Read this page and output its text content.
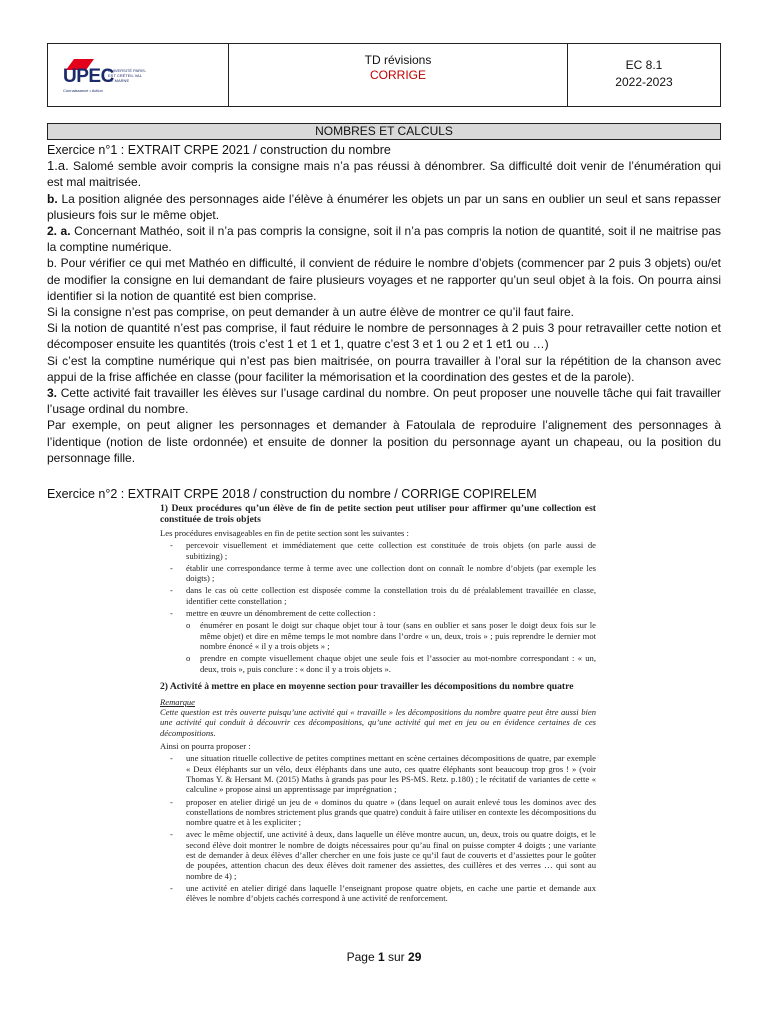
UPEC
UNIVERSITÉ PARIS-EST CRÉTEIL VAL DE MARNE
Connaissance • Action
TD révisions
CORRIGE
EC 8.1
2022-2023
NOMBRES ET CALCULS

Exercice n°1 : EXTRAIT CRPE 2021 / construction du nombre

1.a. Salomé semble avoir compris la consigne mais n’a pas réussi à dénombrer. Sa difficulté doit venir de l’énumération qui est mal maitrisée.

b. La position alignée des personnages aide l’élève à énumérer les objets un par un sans en oublier un seul et sans repasser plusieurs fois sur le même objet.

2. a. Concernant Mathéo, soit il n’a pas compris la consigne, soit il n’a pas compris la notion de quantité, soit il ne maitrise pas la comptine numérique.

b. Pour vérifier ce qui met Mathéo en difficulté, il convient de réduire le nombre d’objets (commencer par 2 puis 3 objets) ou/et de modifier la consigne en lui demandant de faire plusieurs voyages et ne rapporter qu’un seul objet à la fois. On pourra ainsi identifier si la notion de quantité est bien comprise.

Si la consigne n’est pas comprise, on peut demander à un autre élève de montrer ce qu’il faut faire.

Si la notion de quantité n’est pas comprise, il faut réduire le nombre de personnages à 2 puis 3 pour retravailler cette notion et décomposer ensuite les quantités (trois c’est 1 et 1 et 1, quatre c’est 3 et 1 ou 2 et 1 et1 ou …)

Si c’est la comptine numérique qui n’est pas bien maitrisée, on pourra travailler à l’oral sur la répétition de la chanson avec appui de la frise affichée en classe (pour faciliter la mémorisation et la coordination des gestes et de la parole).

3. Cette activité fait travailler les élèves sur l’usage cardinal du nombre. On peut proposer une nouvelle tâche qui fait travailler l’usage ordinal du nombre.

Par exemple, on peut aligner les personnages et demander à Fatoulala de reproduire l’alignement des personnages à l’identique (notion de liste ordonnée) et ensuite de donner la position du personnage ayant un chapeau, ou la position du personnage fille.

Exercice n°2 : EXTRAIT CRPE 2018 / construction du nombre / CORRIGE COPIRELEM

1) Deux procédures qu’un élève de fin de petite section peut utiliser pour affirmer qu’une collection est constituée de trois objets

Les procédures envisageables en fin de petite section sont les suivantes :

- percevoir visuellement et immédiatement que cette collection est constituée de trois objets (on parle aussi de subitizing) ;
- établir une correspondance terme à terme avec une collection dont on connaît le nombre d’objets (par exemple les doigts) ;
- dans le cas où cette collection est disposée comme la constellation trois du dé préalablement travaillée en classe, identifier cette constellation ;
- mettre en œuvre un dénombrement de cette collection :
o énumérer en posant le doigt sur chaque objet tour à tour (sans en oublier et sans poser le doigt deux fois sur le même objet) et dire en même temps le mot nombre dans l’ordre « un, deux, trois » ; puis reprendre le dernier mot nombre énoncé « il y a trois objets » ;
o prendre en compte visuellement chaque objet une seule fois et l’associer au mot-nombre correspondant : « un, deux, trois », puis conclure : « donc il y a trois objets ».

2) Activité à mettre en place en moyenne section pour travailler les décompositions du nombre quatre

Remarque

Cette question est très ouverte puisqu’une activité qui « travaille » les décompositions du nombre quatre peut être aussi bien une activité qui conduit à découvrir ces décompositions, qu’une activité qui met en jeu ou en évidence certaines de ces décompositions.

Ainsi on pourra proposer :

- une situation rituelle collective de petites comptines mettant en scène certaines décompositions de quatre, par exemple « Deux éléphants sur un vélo, deux éléphants dans une auto, ces quatre éléphants sont beaucoup trop gros ! » (voir Thomas Y. & Hersant M. (2015) Maths à grands pas pour les PS-MS. Retz. p.180) ; le récitatif de variantes de cette « calculine » propose ainsi un apprentissage par imprégnation ;
- proposer en atelier dirigé un jeu de « dominos du quatre » (dans lequel on aurait enlevé tous les dominos avec des constellations de nombres strictement plus grands que quatre) conduit à faire utiliser en contexte les décompositions du nombre quatre et à les expliciter ;
- avec le même objectif, une activité à deux, dans laquelle un élève montre aucun, un, deux, trois ou quatre doigts, et le second élève doit montrer le nombre de doigts nécessaires pour qu’au final on puisse compter 4 doigts ; une variante est de demander à deux élèves d’aller chercher en une fois juste ce qu’il faut de couverts et d’assiettes pour le goûter de poupées, attention chacun des deux élèves doit ramener des assiettes, des cuillères et des verres … qui sont au nombre de 4) ;
- une activité en atelier dirigé dans laquelle l’enseignant propose quatre objets, en cache une partie et demande aux élèves le nombre d’objets cachés correspond à une activité de renforcement.
Page 1 sur 29
